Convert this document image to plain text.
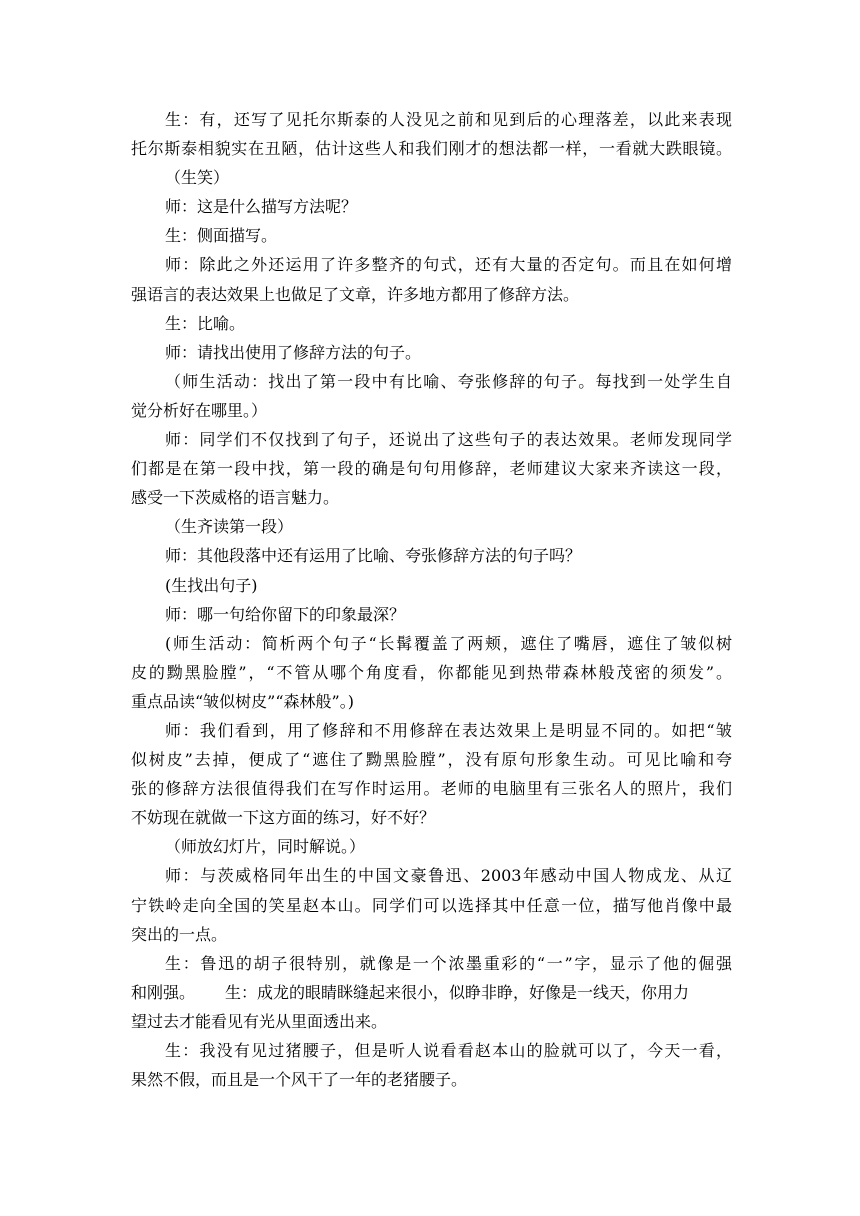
生：有，还写了见托尔斯泰的人没见之前和见到后的心理落差，以此来表现
托尔斯泰相貌实在丑陋，估计这些人和我们刚才的想法都一样，一看就大跌眼镜。
（生笑）
师：这是什么描写方法呢？
生：侧面描写。
师：除此之外还运用了许多整齐的句式，还有大量的否定句。而且在如何增
强语言的表达效果上也做足了文章，许多地方都用了修辞方法。
生：比喻。
师：请找出使用了修辞方法的句子。
（师生活动：找出了第一段中有比喻、夸张修辞的句子。每找到一处学生自
觉分析好在哪里。）
师：同学们不仅找到了句子，还说出了这些句子的表达效果。老师发现同学
们都是在第一段中找，第一段的确是句句用修辞，老师建议大家来齐读这一段，
感受一下茨威格的语言魅力。
（生齐读第一段）
师：其他段落中还有运用了比喻、夸张修辞方法的句子吗？
(生找出句子)
师：哪一句给你留下的印象最深？
(师生活动：简析两个句子“长髯覆盖了两颊，遮住了嘴唇，遮住了皱似树
皮的黝黑脸膛”，“不管从哪个角度看，你都能见到热带森林般茂密的须发”。
重点品读“皱似树皮”“森林般”。)
师：我们看到，用了修辞和不用修辞在表达效果上是明显不同的。如把“皱
似树皮”去掉，便成了“遮住了黝黑脸膛”，没有原句形象生动。可见比喻和夸
张的修辞方法很值得我们在写作时运用。老师的电脑里有三张名人的照片，我们
不妨现在就做一下这方面的练习，好不好？
（师放幻灯片，同时解说。）
师：与茨威格同年出生的中国文豪鲁迅、2003年感动中国人物成龙、从辽
宁铁岭走向全国的笑星赵本山。同学们可以选择其中任意一位，描写他肖像中最
突出的一点。
生：鲁迅的胡子很特别，就像是一个浓墨重彩的“一”字，显示了他的倔强
和刚强。 生：成龙的眼睛眯缝起来很小，似睁非睁，好像是一线天，你用力
望过去才能看见有光从里面透出来。
生：我没有见过猪腰子，但是听人说看看赵本山的脸就可以了，今天一看，
果然不假，而且是一个风干了一年的老猪腰子。
